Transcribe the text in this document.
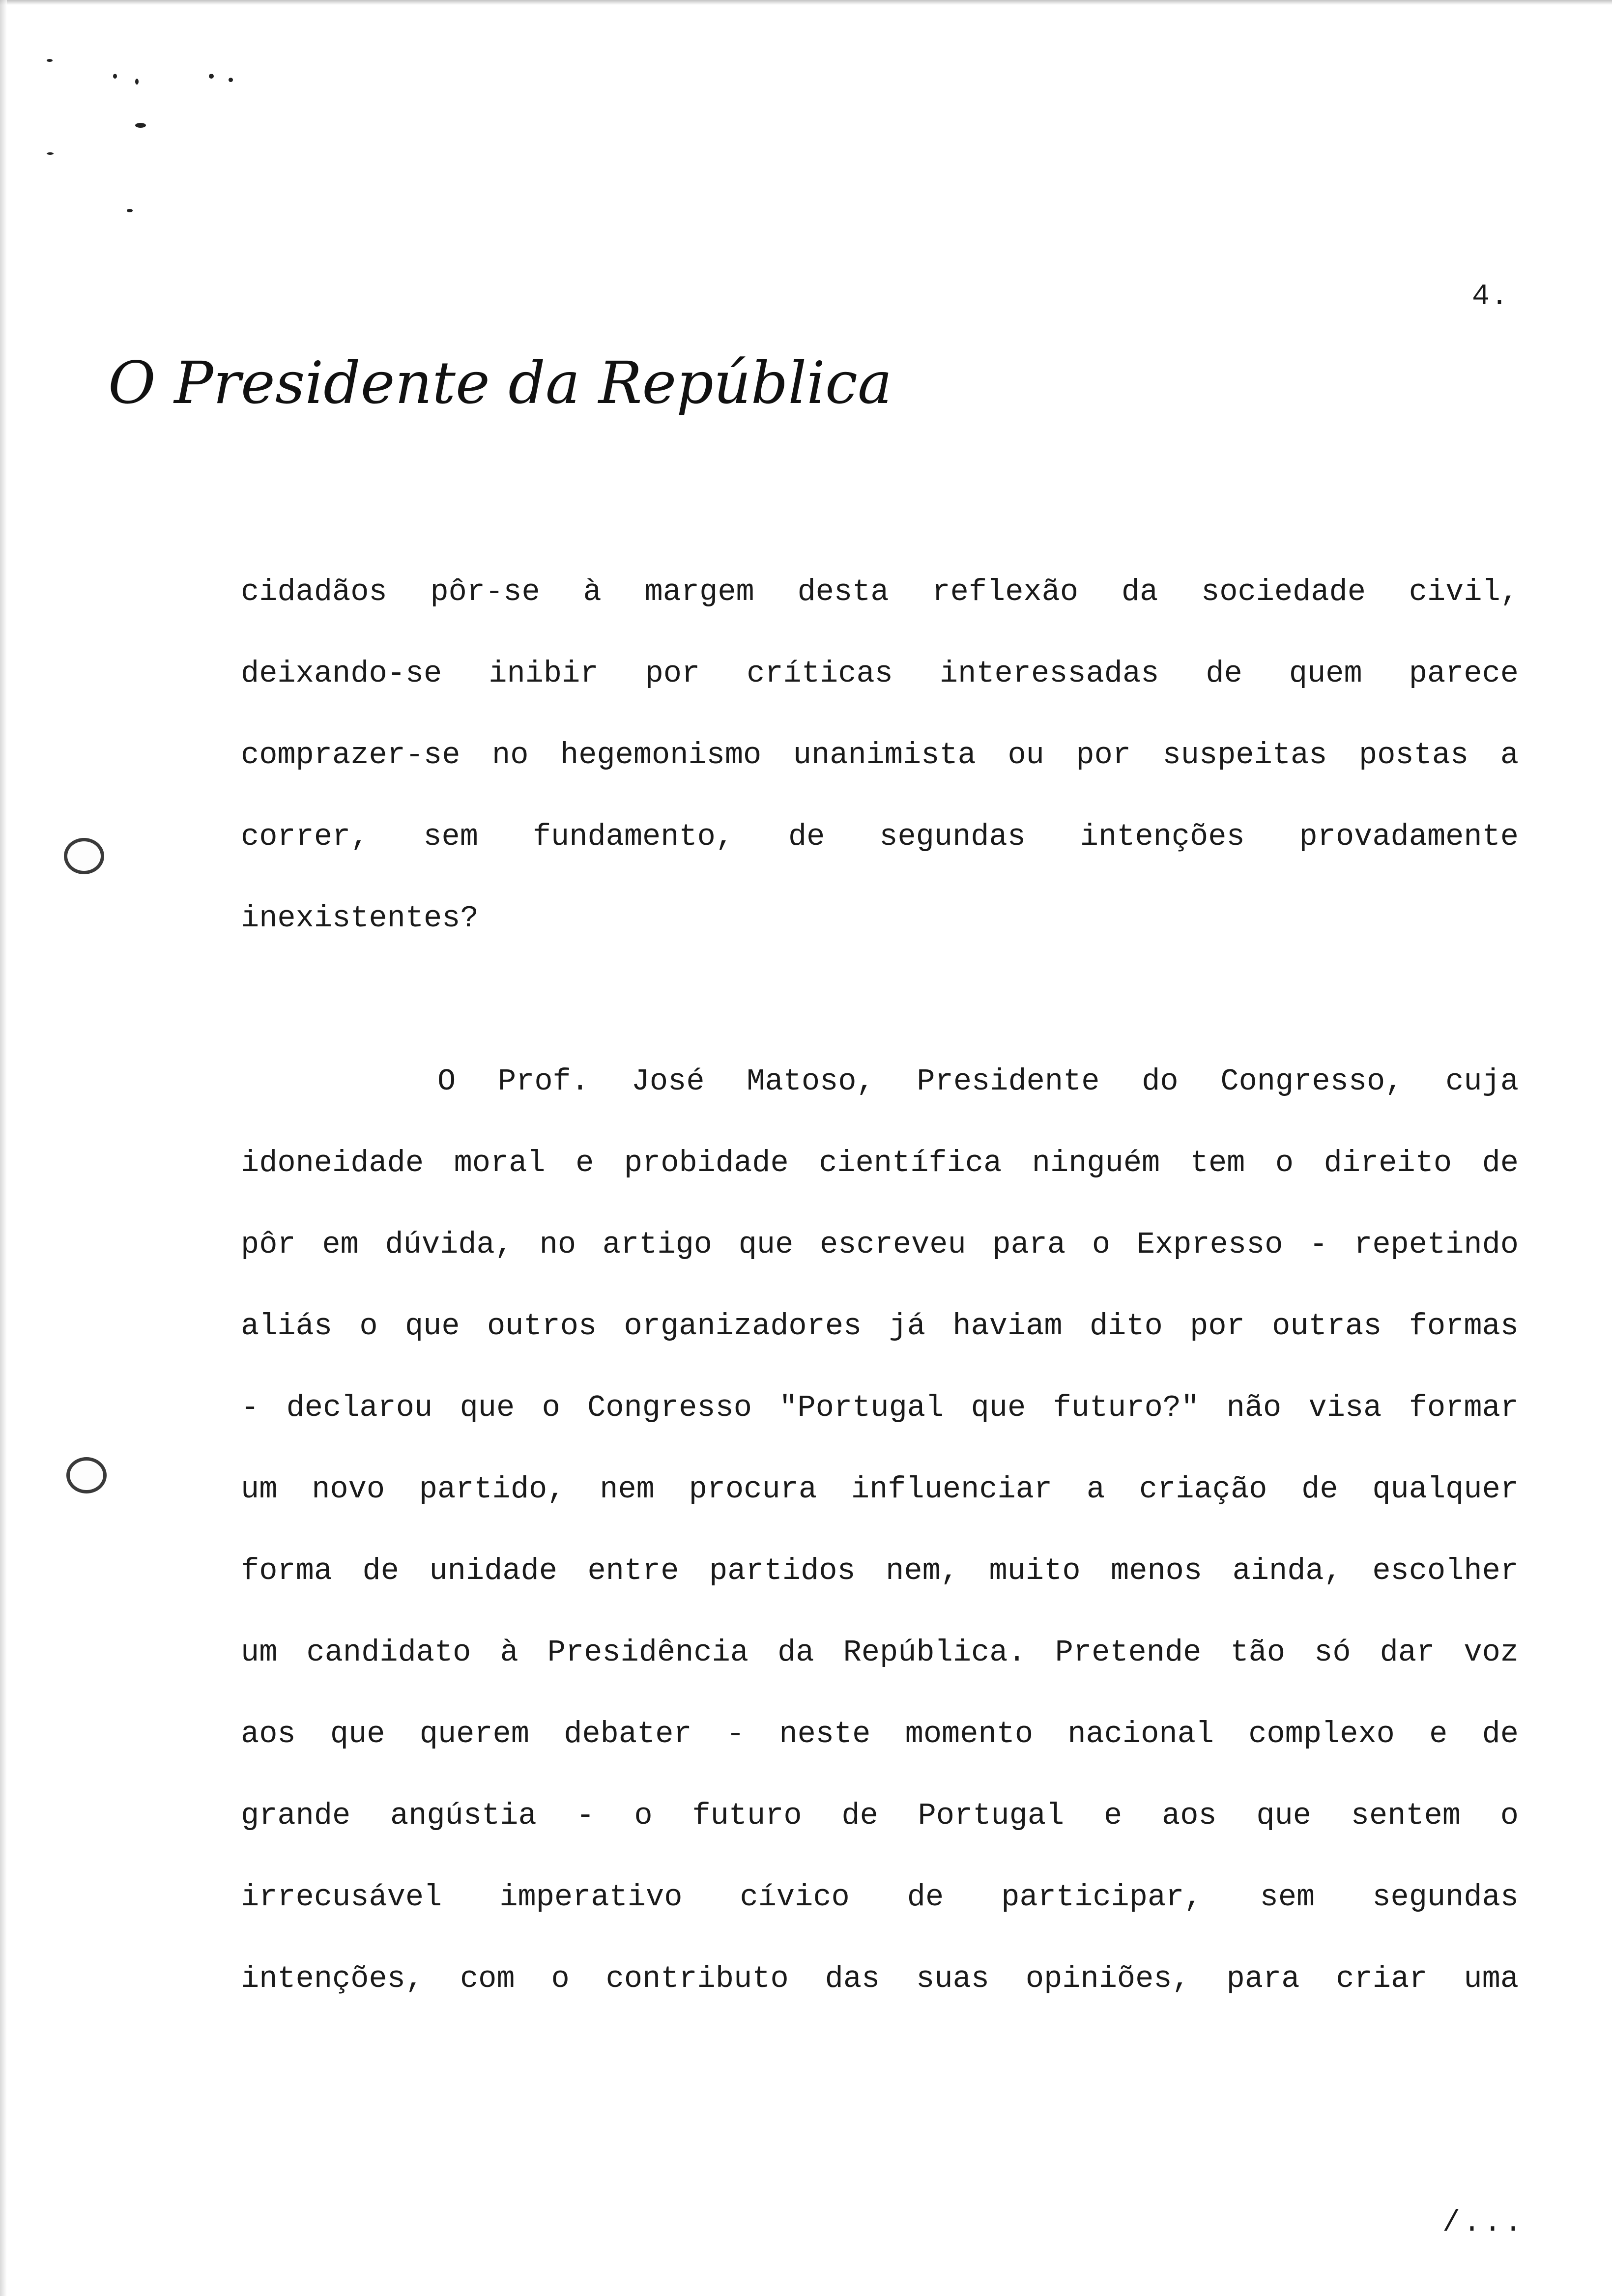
4.
O Presidente da República
cidadãos pôr-se à margem desta reflexão da sociedade civil,
deixando-se inibir por críticas interessadas de quem parece
comprazer-se no hegemonismo unanimista ou por suspeitas postas a
correr, sem fundamento, de segundas intenções provadamente
inexistentes?
O Prof. José Matoso, Presidente do Congresso, cuja
idoneidade moral e probidade científica ninguém tem o direito de
pôr em dúvida, no artigo que escreveu para o Expresso - repetindo
aliás o que outros organizadores já haviam dito por outras formas
- declarou que o Congresso "Portugal que futuro?" não visa formar
um novo partido, nem procura influenciar a criação de qualquer
forma de unidade entre partidos nem, muito menos ainda, escolher
um candidato à Presidência da República. Pretende tão só dar voz
aos que querem debater - neste momento nacional complexo e de
grande angústia - o futuro de Portugal e aos que sentem o
irrecusável imperativo cívico de participar, sem segundas
intenções, com o contributo das suas opiniões, para criar uma
/...
